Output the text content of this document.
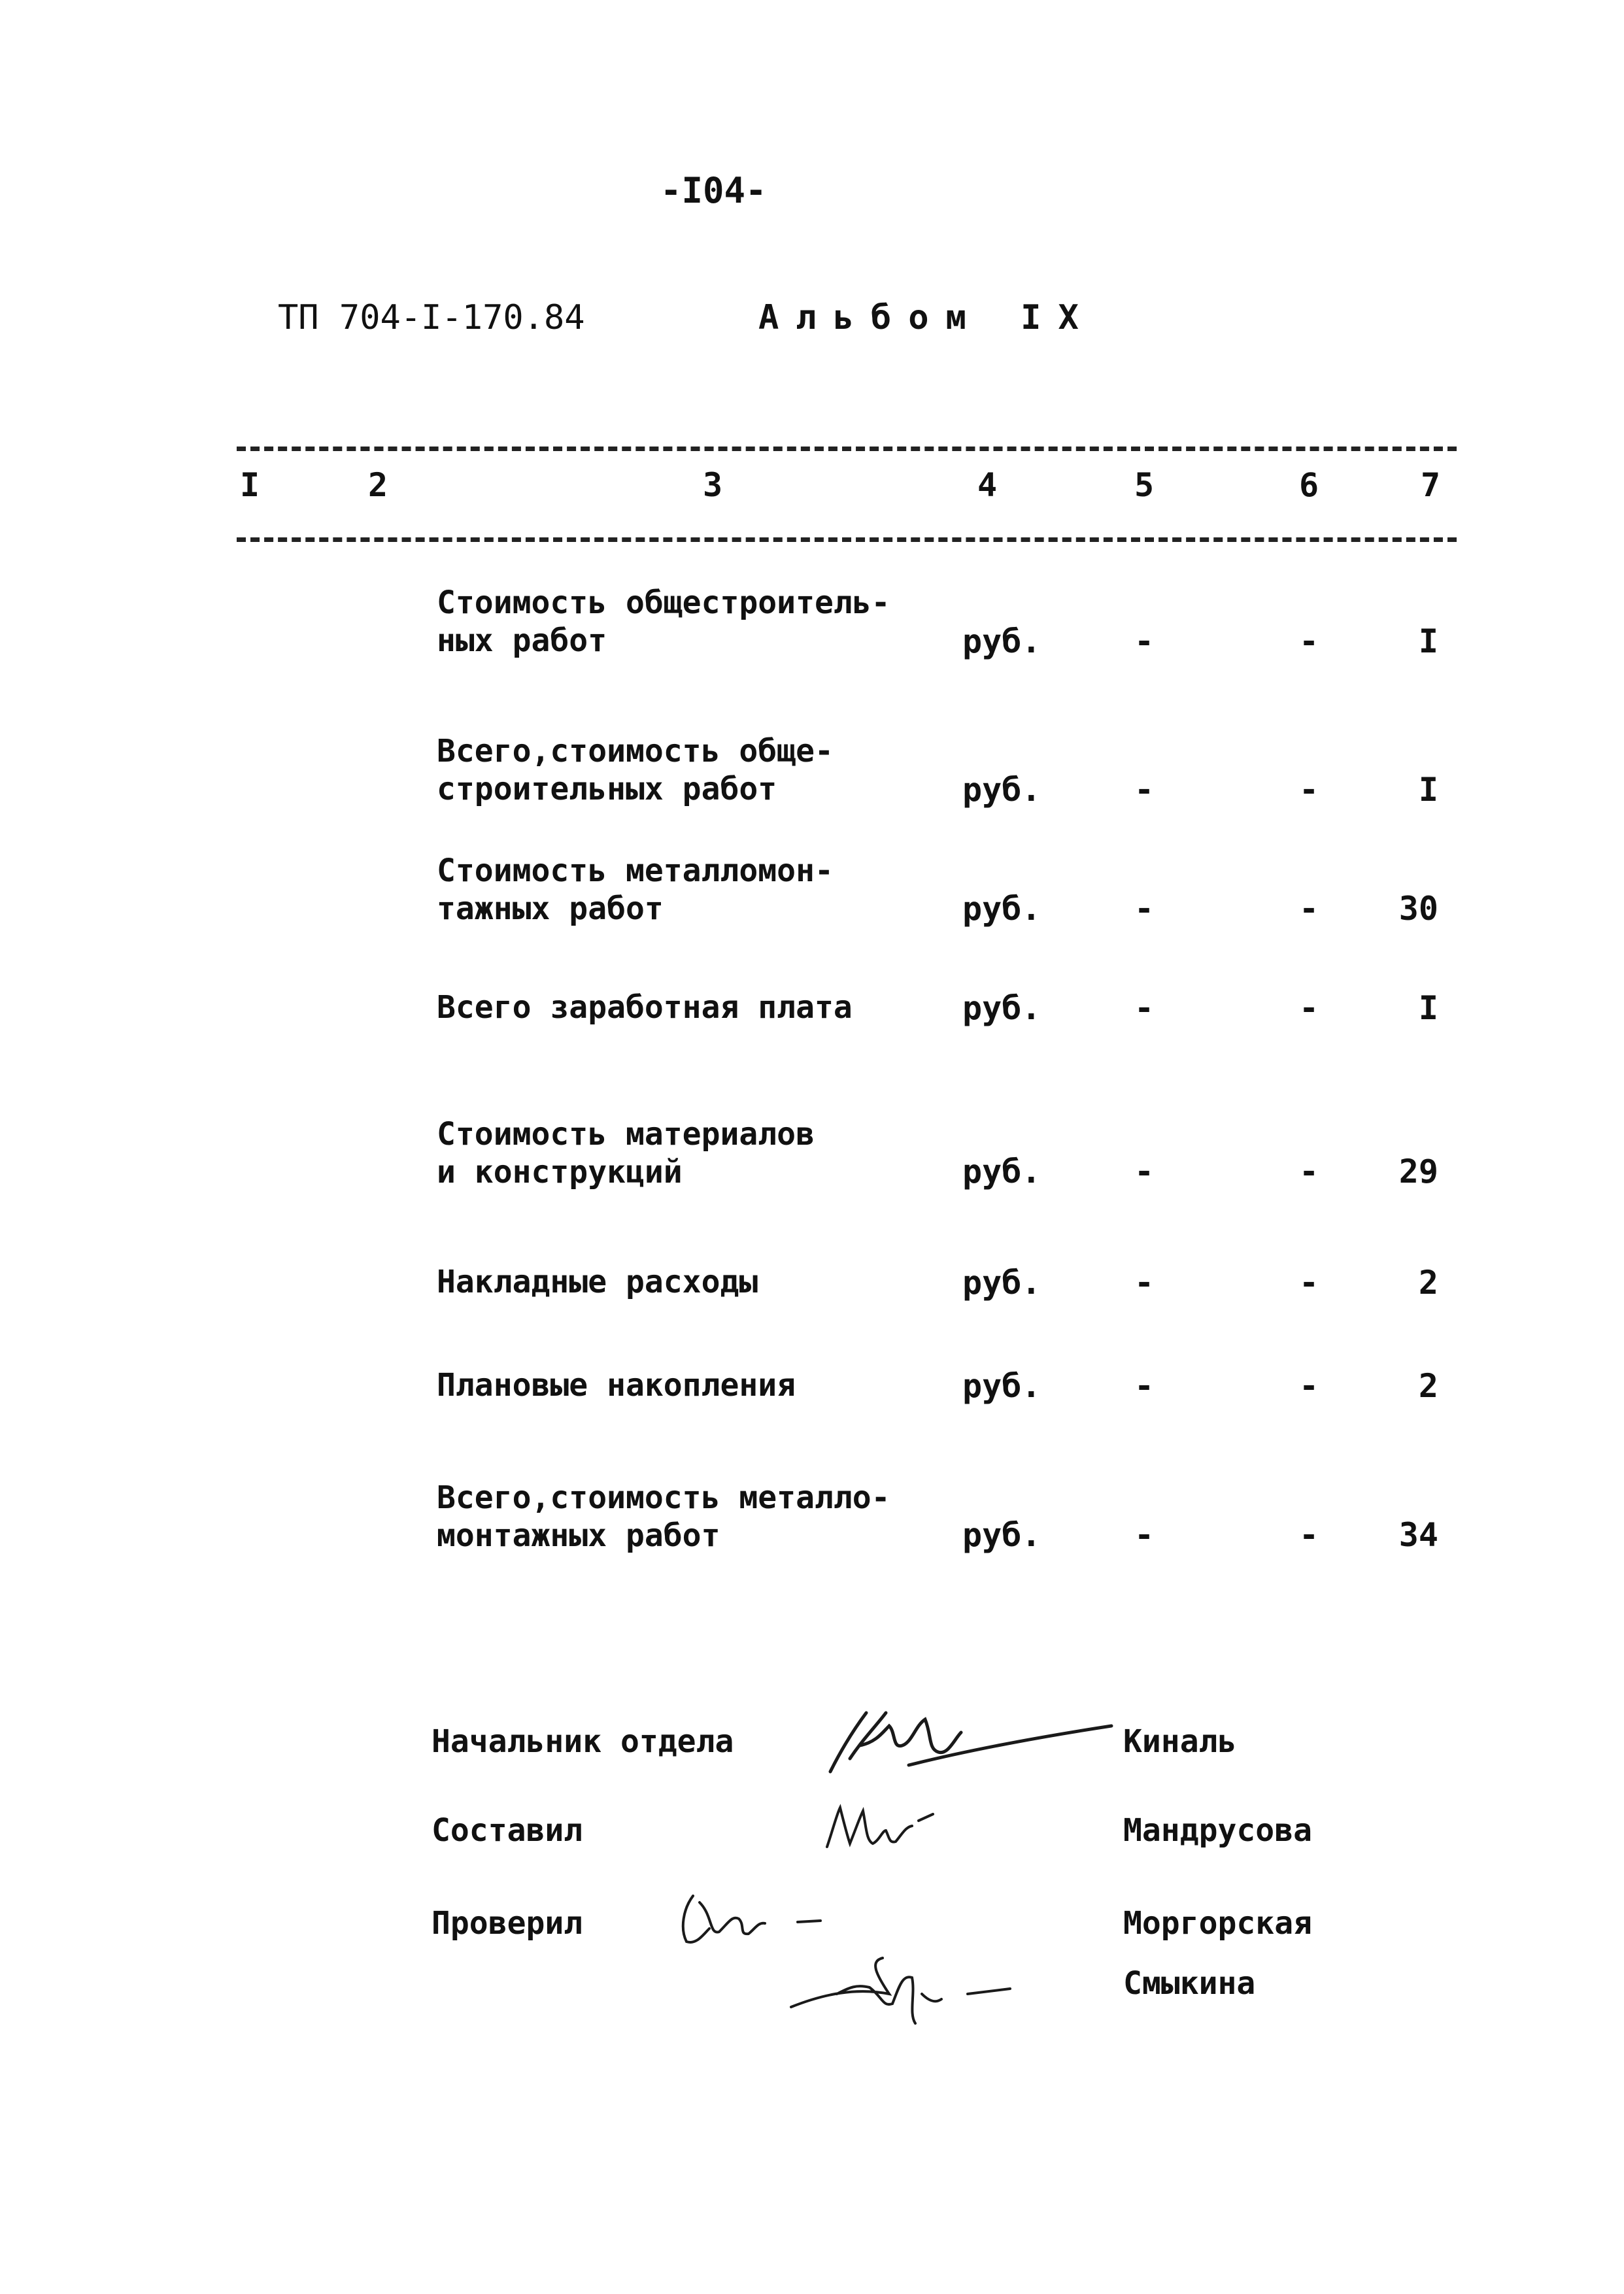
-I04-
ТП 704-I-170.84	Альбом IX
I	2	3	4	5	6	7
Стоимость общестроитель-
ных работ	руб.	-	-	I
Всего,стоимость обще-
строительных работ	руб.	-	-	I
Стоимость металломон-
тажных работ	руб.	-	-	30
Всего заработная плата	руб.	-	-	I
Стоимость материалов
и конструкций	руб.	-	-	29
Накладные расходы	руб.	-	-	2
Плановые накопления	руб.	-	-	2
Всего,стоимость металло-
монтажных работ	руб.	-	-	34
Начальник отдела	Киналь
Составил	Мандрусова
Проверил	Моргорская
Смыкина
